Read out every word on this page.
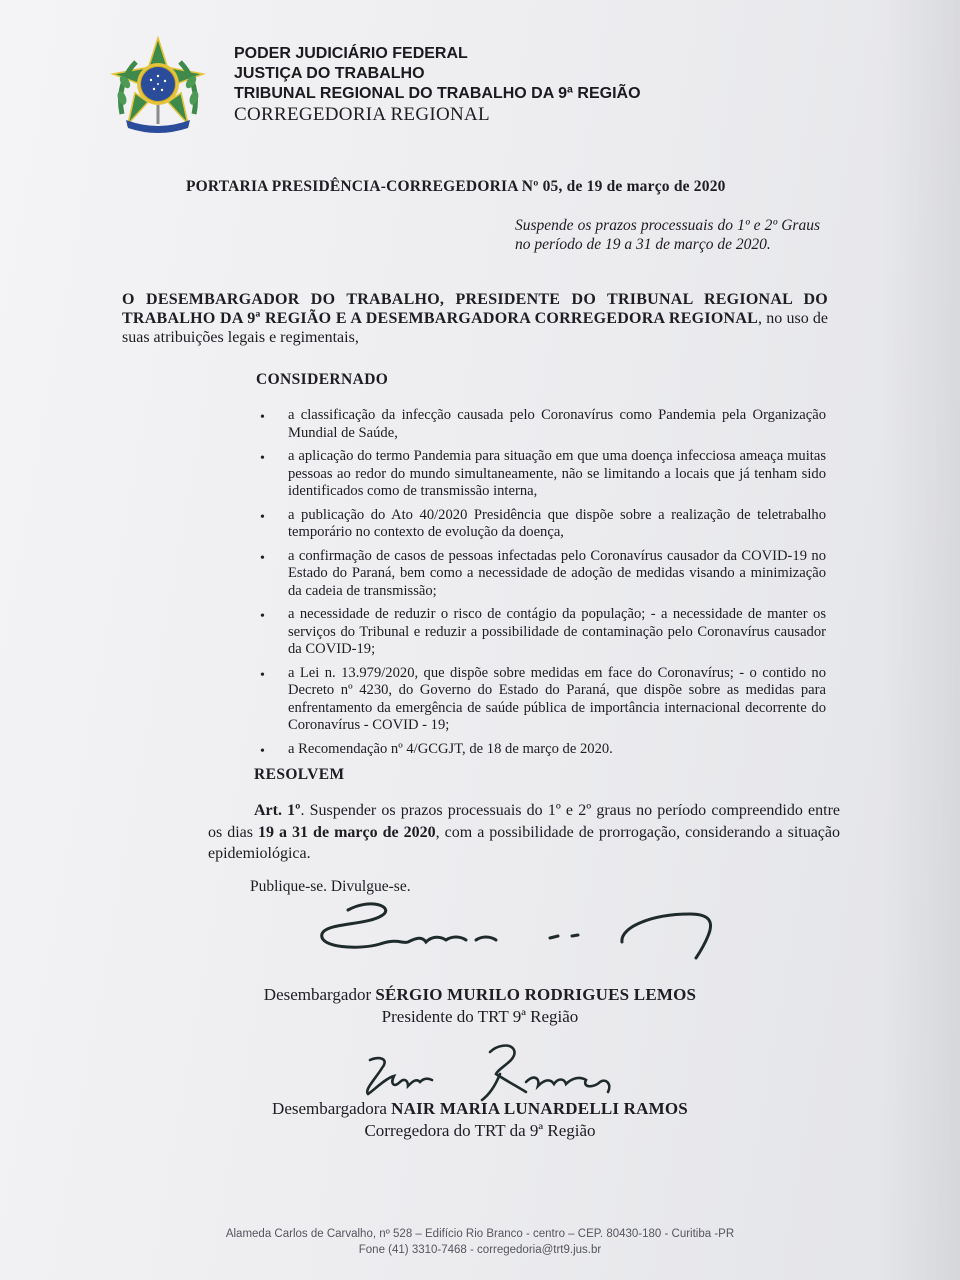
PODER JUDICIÁRIO FEDERAL
JUSTIÇA DO TRABALHO
TRIBUNAL REGIONAL DO TRABALHO DA 9ª REGIÃO
CORREGEDORIA REGIONAL
PORTARIA PRESIDÊNCIA-CORREGEDORIA Nº 05, de 19 de março de 2020
Suspende os prazos processuais do 1º e 2º Graus no período de 19 a 31 de março de 2020.
O DESEMBARGADOR DO TRABALHO, PRESIDENTE DO TRIBUNAL REGIONAL DO TRABALHO DA 9ª REGIÃO E A DESEMBARGADORA CORREGEDORA REGIONAL, no uso de suas atribuições legais e regimentais,
CONSIDERNADO
• a classificação da infecção causada pelo Coronavírus como Pandemia pela Organização Mundial de Saúde,
• a aplicação do termo Pandemia para situação em que uma doença infecciosa ameaça muitas pessoas ao redor do mundo simultaneamente, não se limitando a locais que já tenham sido identificados como de transmissão interna,
• a publicação do Ato 40/2020 Presidência que dispõe sobre a realização de teletrabalho temporário no contexto de evolução da doença,
• a confirmação de casos de pessoas infectadas pelo Coronavírus causador da COVID-19 no Estado do Paraná, bem como a necessidade de adoção de medidas visando a minimização da cadeia de transmissão;
• a necessidade de reduzir o risco de contágio da população; - a necessidade de manter os serviços do Tribunal e reduzir a possibilidade de contaminação pelo Coronavírus causador da COVID-19;
• a Lei n. 13.979/2020, que dispõe sobre medidas em face do Coronavírus; - o contido no Decreto nº 4230, do Governo do Estado do Paraná, que dispõe sobre as medidas para enfrentamento da emergência de saúde pública de importância internacional decorrente do Coronavírus - COVID - 19;
• a Recomendação nº 4/GCGJT, de 18 de março de 2020.
RESOLVEM
Art. 1º. Suspender os prazos processuais do 1º e 2º graus no período compreendido entre os dias 19 a 31 de março de 2020, com a possibilidade de prorrogação, considerando a situação epidemiológica.
Publique-se. Divulgue-se.
Desembargador SÉRGIO MURILO RODRIGUES LEMOS
Presidente do TRT 9ª Região
Desembargadora NAIR MARIA LUNARDELLI RAMOS
Corregedora do TRT da 9ª Região
Alameda Carlos de Carvalho, nº 528 – Edifício Rio Branco - centro – CEP. 80430-180 - Curitiba -PR
Fone (41) 3310-7468 - corregedoria@trt9.jus.br
